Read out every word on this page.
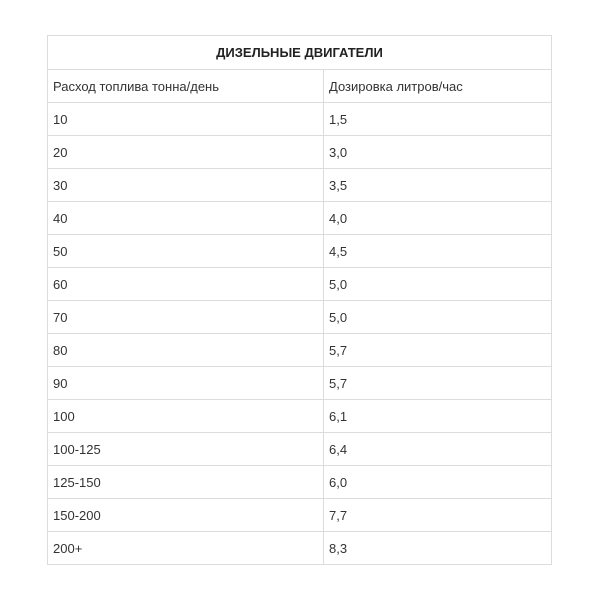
ДИЗЕЛЬНЫЕ ДВИГАТЕЛИ	
Расход топлива тонна/день	Дозировка литров/час
10	1,5
20	3,0
30	3,5
40	4,0
50	4,5
60	5,0
70	5,0
80	5,7
90	5,7
100	6,1
100-125	6,4
125-150	6,0
150-200	7,7
200+	8,3
